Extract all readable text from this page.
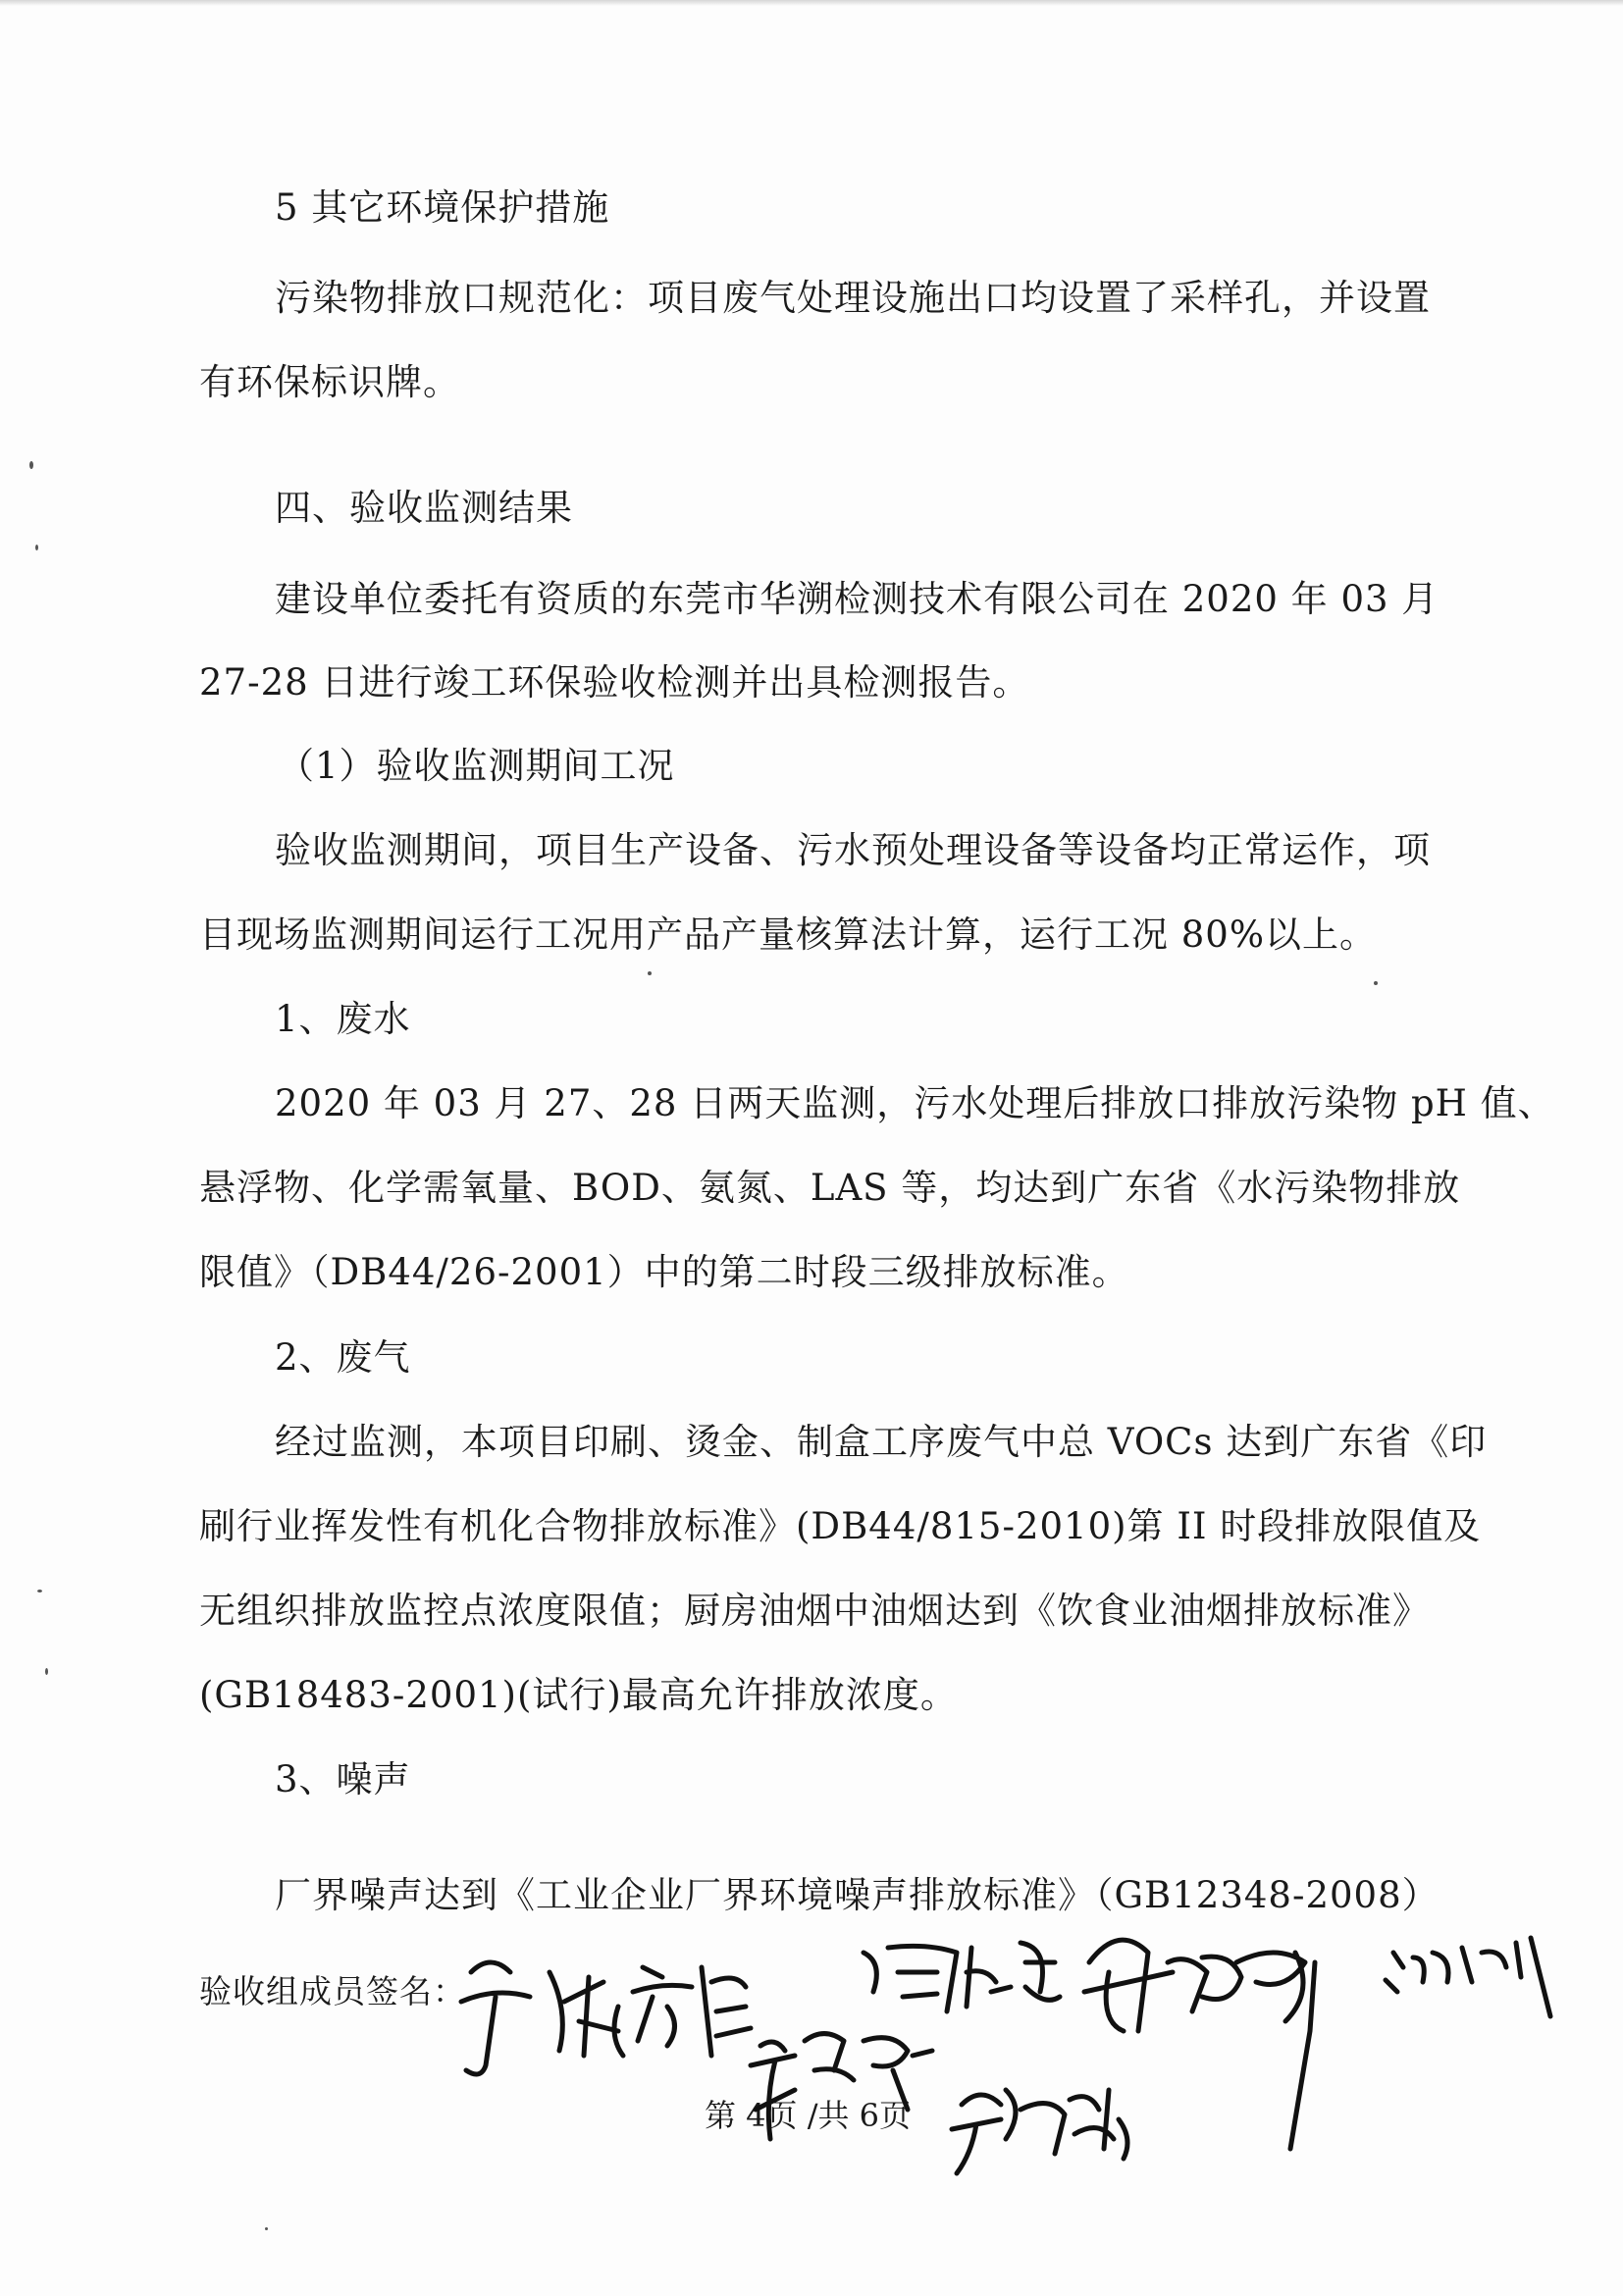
5 其它环境保护措施
污染物排放口规范化：项目废气处理设施出口均设置了采样孔，并设置
有环保标识牌。
四、验收监测结果
建设单位委托有资质的东莞市华溯检测技术有限公司在 2020 年 03 月
27-28 日进行竣工环保验收检测并出具检测报告。
（1）验收监测期间工况
验收监测期间，项目生产设备、污水预处理设备等设备均正常运作，项
目现场监测期间运行工况用产品产量核算法计算，运行工况 80%以上。
1、废水
2020 年 03 月 27、28 日两天监测，污水处理后排放口排放污染物 pH 值、
悬浮物、化学需氧量、BOD、氨氮、LAS 等，均达到广东省《水污染物排放
限值》（DB44/26-2001）中的第二时段三级排放标准。
2、废气
经过监测，本项目印刷、烫金、制盒工序废气中总 VOCs 达到广东省《印
刷行业挥发性有机化合物排放标准》(DB44/815-2010)第 II 时段排放限值及
无组织排放监控点浓度限值；厨房油烟中油烟达到《饮食业油烟排放标准》
(GB18483-2001)(试行)最高允许排放浓度。
3、噪声
厂界噪声达到《工业企业厂界环境噪声排放标准》（GB12348-2008）
验收组成员签名：
第 4页 /共 6页
